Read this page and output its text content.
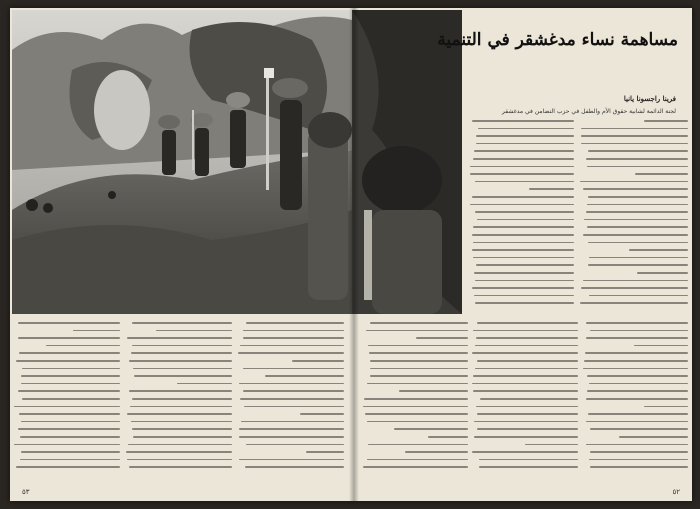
مساهمة نساء مدغشقر في التنمية
فرينا راجسونا يانيا
لجنة الدائمة لشابية حقوق الأم والطفل في حزب التضامن في مدغشقر
٥٣	٥٢
